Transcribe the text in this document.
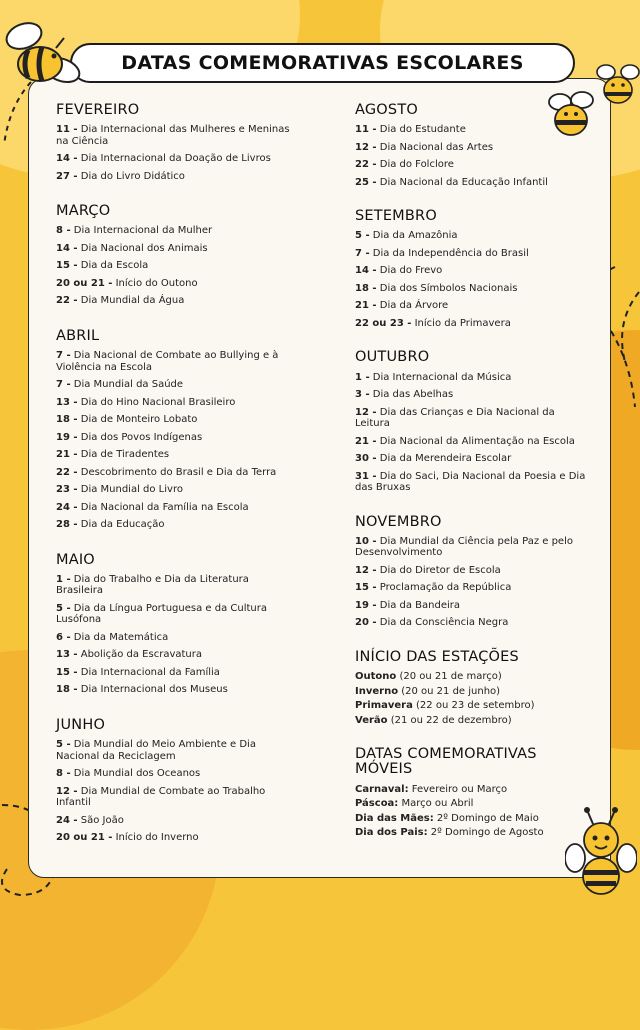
DATAS COMEMORATIVAS ESCOLARES
FEVEREIRO
11 - Dia Internacional das Mulheres e Meninas na Ciência
14 - Dia Internacional da Doação de Livros
27 - Dia do Livro Didático
MARÇO
8 - Dia Internacional da Mulher
14 - Dia Nacional dos Animais
15 - Dia da Escola
20 ou 21 - Início do Outono
22 - Dia Mundial da Água
ABRIL
7 - Dia Nacional de Combate ao Bullying e à Violência na Escola
7 - Dia Mundial da Saúde
13 - Dia do Hino Nacional Brasileiro
18 - Dia de Monteiro Lobato
19 - Dia dos Povos Indígenas
21 - Dia de Tiradentes
22 - Descobrimento do Brasil e Dia da Terra
23 - Dia Mundial do Livro
24 - Dia Nacional da Família na Escola
28 - Dia da Educação
MAIO
1 - Dia do Trabalho e Dia da Literatura Brasileira
5 - Dia da Língua Portuguesa e da Cultura Lusófona
6 - Dia da Matemática
13 - Abolição da Escravatura
15 - Dia Internacional da Família
18 - Dia Internacional dos Museus
JUNHO
5 - Dia Mundial do Meio Ambiente e Dia Nacional da Reciclagem
8 - Dia Mundial dos Oceanos
12 - Dia Mundial de Combate ao Trabalho Infantil
24 - São João
20 ou 21 - Início do Inverno
AGOSTO
11 - Dia do Estudante
12 - Dia Nacional das Artes
22 - Dia do Folclore
25 - Dia Nacional da Educação Infantil
SETEMBRO
5 - Dia da Amazônia
7 - Dia da Independência do Brasil
14 - Dia do Frevo
18 - Dia dos Símbolos Nacionais
21 - Dia da Árvore
22 ou 23 - Início da Primavera
OUTUBRO
1 - Dia Internacional da Música
3 - Dia das Abelhas
12 - Dia das Crianças e Dia Nacional da Leitura
21 - Dia Nacional da Alimentação na Escola
30 - Dia da Merendeira Escolar
31 - Dia do Saci, Dia Nacional da Poesia e Dia das Bruxas
NOVEMBRO
10 - Dia Mundial da Ciência pela Paz e pelo Desenvolvimento
12 - Dia do Diretor de Escola
15 - Proclamação da República
19 - Dia da Bandeira
20 - Dia da Consciência Negra
INÍCIO DAS ESTAÇÕES
Outono (20 ou 21 de março)
Inverno (20 ou 21 de junho)
Primavera (22 ou 23 de setembro)
Verão (21 ou 22 de dezembro)
DATAS COMEMORATIVAS MÓVEIS
Carnaval: Fevereiro ou Março
Páscoa: Março ou Abril
Dia das Mães: 2º Domingo de Maio
Dia dos Pais: 2º Domingo de Agosto
